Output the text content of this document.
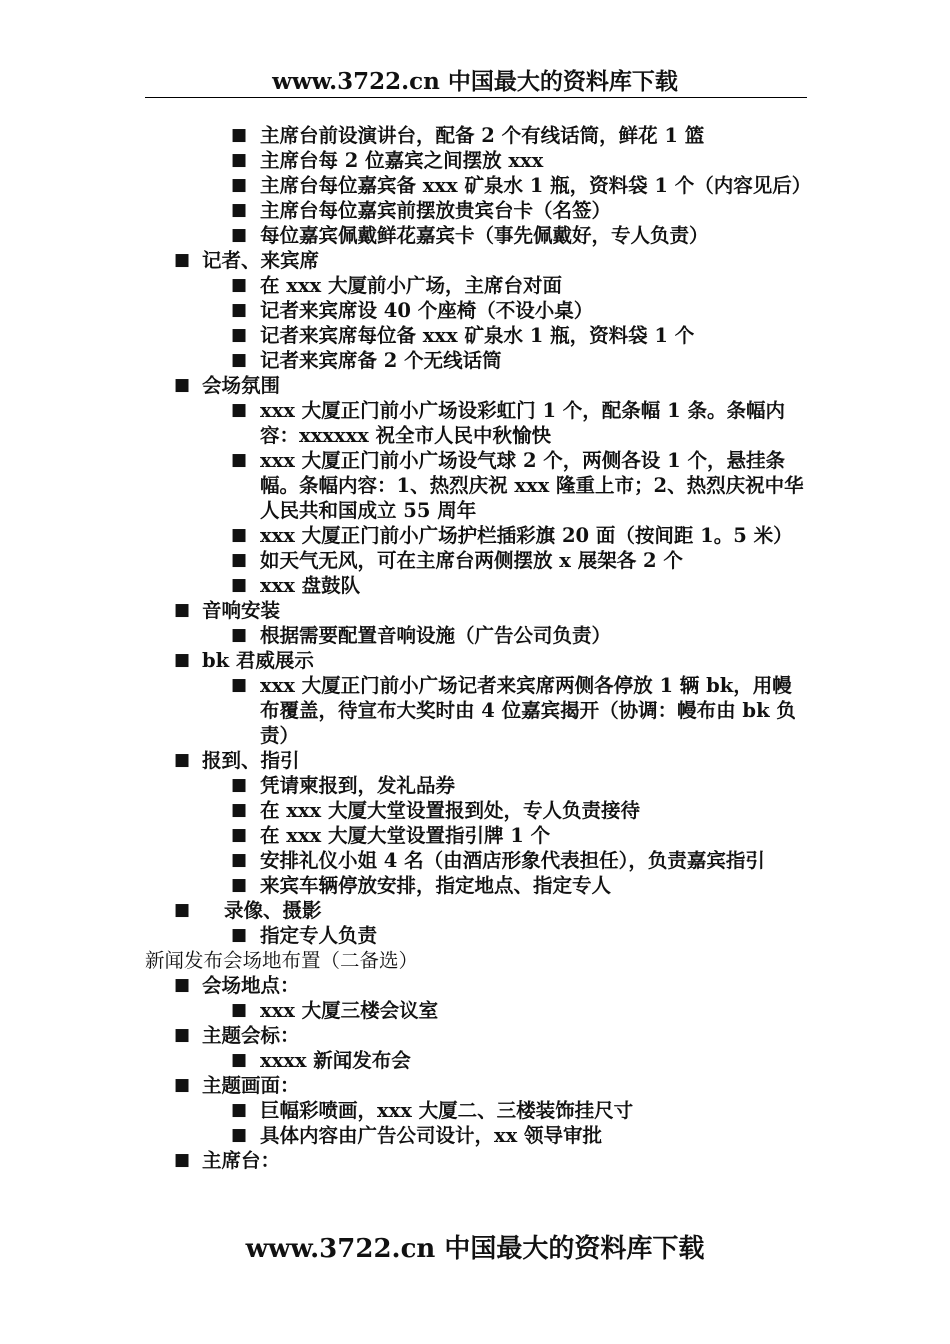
www.3722.cn 中国最大的资料库下载
■ 主席台前设演讲台，配备 2 个有线话筒，鲜花 1 篮
■ 主席台每 2 位嘉宾之间摆放 xxx
■ 主席台每位嘉宾备 xxx 矿泉水 1 瓶，资料袋 1 个（内容见后）
■ 主席台每位嘉宾前摆放贵宾台卡（名签）
■ 每位嘉宾佩戴鲜花嘉宾卡（事先佩戴好，专人负责）
■ 记者、来宾席
■ 在 xxx 大厦前小广场，主席台对面
■ 记者来宾席设 40 个座椅（不设小桌）
■ 记者来宾席每位备 xxx 矿泉水 1 瓶，资料袋 1 个
■ 记者来宾席备 2 个无线话筒
■ 会场氛围
■ xxx 大厦正门前小广场设彩虹门 1 个，配条幅 1 条。条幅内容：xxxxxx 祝全市人民中秋愉快
■ xxx 大厦正门前小广场设气球 2 个，两侧各设 1 个，悬挂条幅。条幅内容：1、热烈庆祝 xxx 隆重上市；2、热烈庆祝中华人民共和国成立 55 周年
■ xxx 大厦正门前小广场护栏插彩旗 20 面（按间距 1。5 米）
■ 如天气无风，可在主席台两侧摆放 x 展架各 2 个
■ xxx 盘鼓队
■ 音响安装
■ 根据需要配置音响设施（广告公司负责）
■ bk 君威展示
■ xxx 大厦正门前小广场记者来宾席两侧各停放 1 辆 bk，用幔布覆盖，待宣布大奖时由 4 位嘉宾揭开（协调：幔布由 bk 负责）
■ 报到、指引
■ 凭请柬报到，发礼品券
■ 在 xxx 大厦大堂设置报到处，专人负责接待
■ 在 xxx 大厦大堂设置指引牌 1 个
■ 安排礼仪小姐 4 名（由酒店形象代表担任），负责嘉宾指引
■ 来宾车辆停放安排，指定地点、指定专人
■ 录像、摄影
■ 指定专人负责
新闻发布会场地布置（二备选）
■ 会场地点：
■ xxx 大厦三楼会议室
■ 主题会标：
■ xxxx 新闻发布会
■ 主题画面：
■ 巨幅彩喷画，xxx 大厦二、三楼装饰挂尺寸
■ 具体内容由广告公司设计，xx 领导审批
■ 主席台：
www.3722.cn 中国最大的资料库下载
